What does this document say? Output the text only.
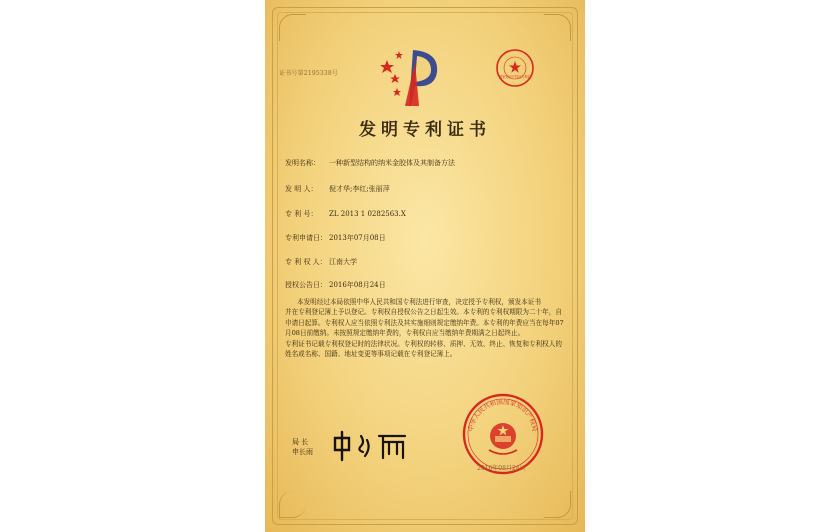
证书号第2195338号	国家知识产权局专利局
发明专利证书
发明名称： 一种新型结构的纳米金胶体及其制备方法
发 明 人： 倪才华;李红;张丽萍
专 利 号： ZL 2013 1 0282563.X
专利申请日： 2013年07月08日
专 利 权 人： 江南大学
授权公告日： 2016年08月24日

本发明经过本局依照中华人民共和国专利法进行审查，决定授予专利权，颁发本证书

并在专利登记簿上予以登记。专利权自授权公告之日起生效。本专利的专利权期限为二十年，自申请日起算。专利权人应当依照专利法及其实施细则规定缴纳年费。本专利的年费应当在每年07月08日前缴纳。未按照规定缴纳年费的，专利权自应当缴纳年费期满之日起终止。

专利证书记载专利权登记时的法律状况。专利权的转移、质押、无效、终止、恢复和专利权人的姓名或名称、国籍、地址变更等事项记载在专利登记簿上。

中华人民共和国国家知识产权局
2016年08月24日
局 长
申长雨
